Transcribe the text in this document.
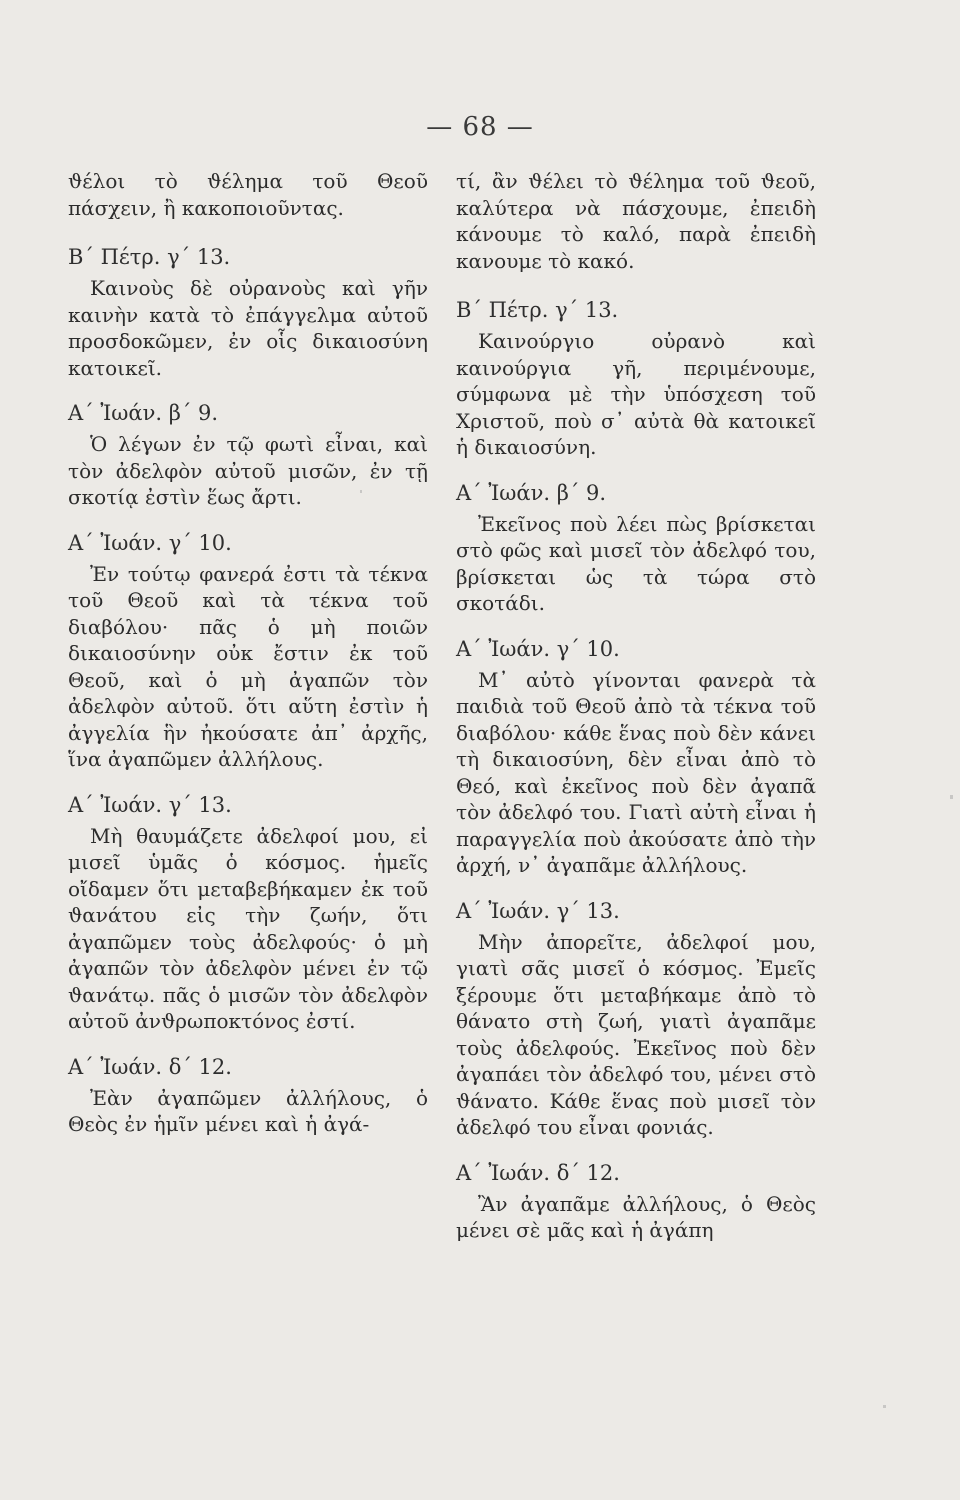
— 68 —

ϑέλοι τὸ ϑέλημα τοῦ Θεοῦ πάσχειν, ἢ κακοποιοῦντας.

Β΄ Πέτρ. γ΄ 13.

Καινοὺς δὲ οὐρανοὺς καὶ γῆν καινὴν κατὰ τὸ ἐπάγγελμα αὐτοῦ προσδοκῶμεν, ἐν οἷς δικαιοσύνη κατοικεῖ.

Α΄ Ἰωάν. β΄ 9.

Ὁ λέγων ἐν τῷ φωτὶ εἶναι, καὶ τὸν ἀδελφὸν αὐτοῦ μισῶν, ἐν τῇ σκοτίᾳ ἐστὶν ἕως ἄρτι.

Α΄ Ἰωάν. γ΄ 10.

Ἐν τούτῳ φανερά ἐστι τὰ τέκνα τοῦ Θεοῦ καὶ τὰ τέκνα τοῦ διαβόλου· πᾶς ὁ μὴ ποιῶν δικαιοσύνην οὐκ ἔστιν ἐκ τοῦ Θεοῦ, καὶ ὁ μὴ ἀγαπῶν τὸν ἀδελφὸν αὐτοῦ. ὅτι αὕτη ἐστὶν ἡ ἀγγελία ἣν ἠκούσατε ἀπ᾽ ἀρχῆς, ἵνα ἀγαπῶμεν ἀλλήλους.

Α΄ Ἰωάν. γ΄ 13.

Μὴ θαυμάζετε ἀδελφοί μου, εἰ μισεῖ ὑμᾶς ὁ κόσμος. ἡμεῖς οἴδαμεν ὅτι μεταβεβήκαμεν ἐκ τοῦ ϑανάτου εἰς τὴν ζωήν, ὅτι ἀγαπῶμεν τοὺς ἀδελφούς· ὁ μὴ ἀγαπῶν τὸν ἀδελφὸν μένει ἐν τῷ ϑανάτῳ. πᾶς ὁ μισῶν τὸν ἀδελφὸν αὐτοῦ ἀνϑρωποκτόνος ἐστί.

Α΄ Ἰωάν. δ΄ 12.

Ἐὰν ἀγαπῶμεν ἀλλήλους, ὁ Θεὸς ἐν ἡμῖν μένει καὶ ἡ ἀγά-

τί, ἂν ϑέλει τὸ ϑέλημα τοῦ ϑεοῦ, καλύτερα νὰ πάσχουμε, ἐπειδὴ κάνουμε τὸ καλό, παρὰ ἐπειδὴ κανουμε τὸ κακό.

Β΄ Πέτρ. γ΄ 13.

Καινούργιο οὐρανὸ καὶ καινούργια γῆ, περιμένουμε, σύμφωνα μὲ τὴν ὑπόσχεση τοῦ Χριστοῦ, ποὺ σ᾽ αὐτὰ θὰ κατοικεῖ ἡ δικαιοσύνη.

Α΄ Ἰωάν. β΄ 9.

Ἐκεῖνος ποὺ λέει πὼς βρίσκεται στὸ φῶς καὶ μισεῖ τὸν ἀδελφό του, βρίσκεται ὡς τὰ τώρα στὸ σκοτάδι.

Α΄ Ἰωάν. γ΄ 10.

Μ᾽ αὐτὸ γίνονται φανερὰ τὰ παιδιὰ τοῦ Θεοῦ ἀπὸ τὰ τέκνα τοῦ διαβόλου· κάθε ἕνας ποὺ δὲν κάνει τὴ δικαιοσύνη, δὲν εἶναι ἀπὸ τὸ Θεό, καὶ ἐκεῖνος ποὺ δὲν ἀγαπᾶ τὸν ἀδελφό του. Γιατὶ αὐτὴ εἶναι ἡ παραγγελία ποὺ ἀκούσατε ἀπὸ τὴν ἀρχή, ν᾽ ἀγαπᾶμε ἀλλήλους.

Α΄ Ἰωάν. γ΄ 13.

Μὴν ἀπορεῖτε, ἀδελφοί μου, γιατὶ σᾶς μισεῖ ὁ κόσμος. Ἐμεῖς ξέρουμε ὅτι μεταβήκαμε ἀπὸ τὸ θάνατο στὴ ζωή, γιατὶ ἀγαπᾶμε τοὺς ἀδελφούς. Ἐκεῖνος ποὺ δὲν ἀγαπάει τὸν ἀδελφό του, μένει στὸ ϑάνατο. Κάθε ἕνας ποὺ μισεῖ τὸν ἀδελφό του εἶναι φονιάς.

Α΄ Ἰωάν. δ΄ 12.

Ἂν ἀγαπᾶμε ἀλλήλους, ὁ Θεὸς μένει σὲ μᾶς καὶ ἡ ἀγάπη
